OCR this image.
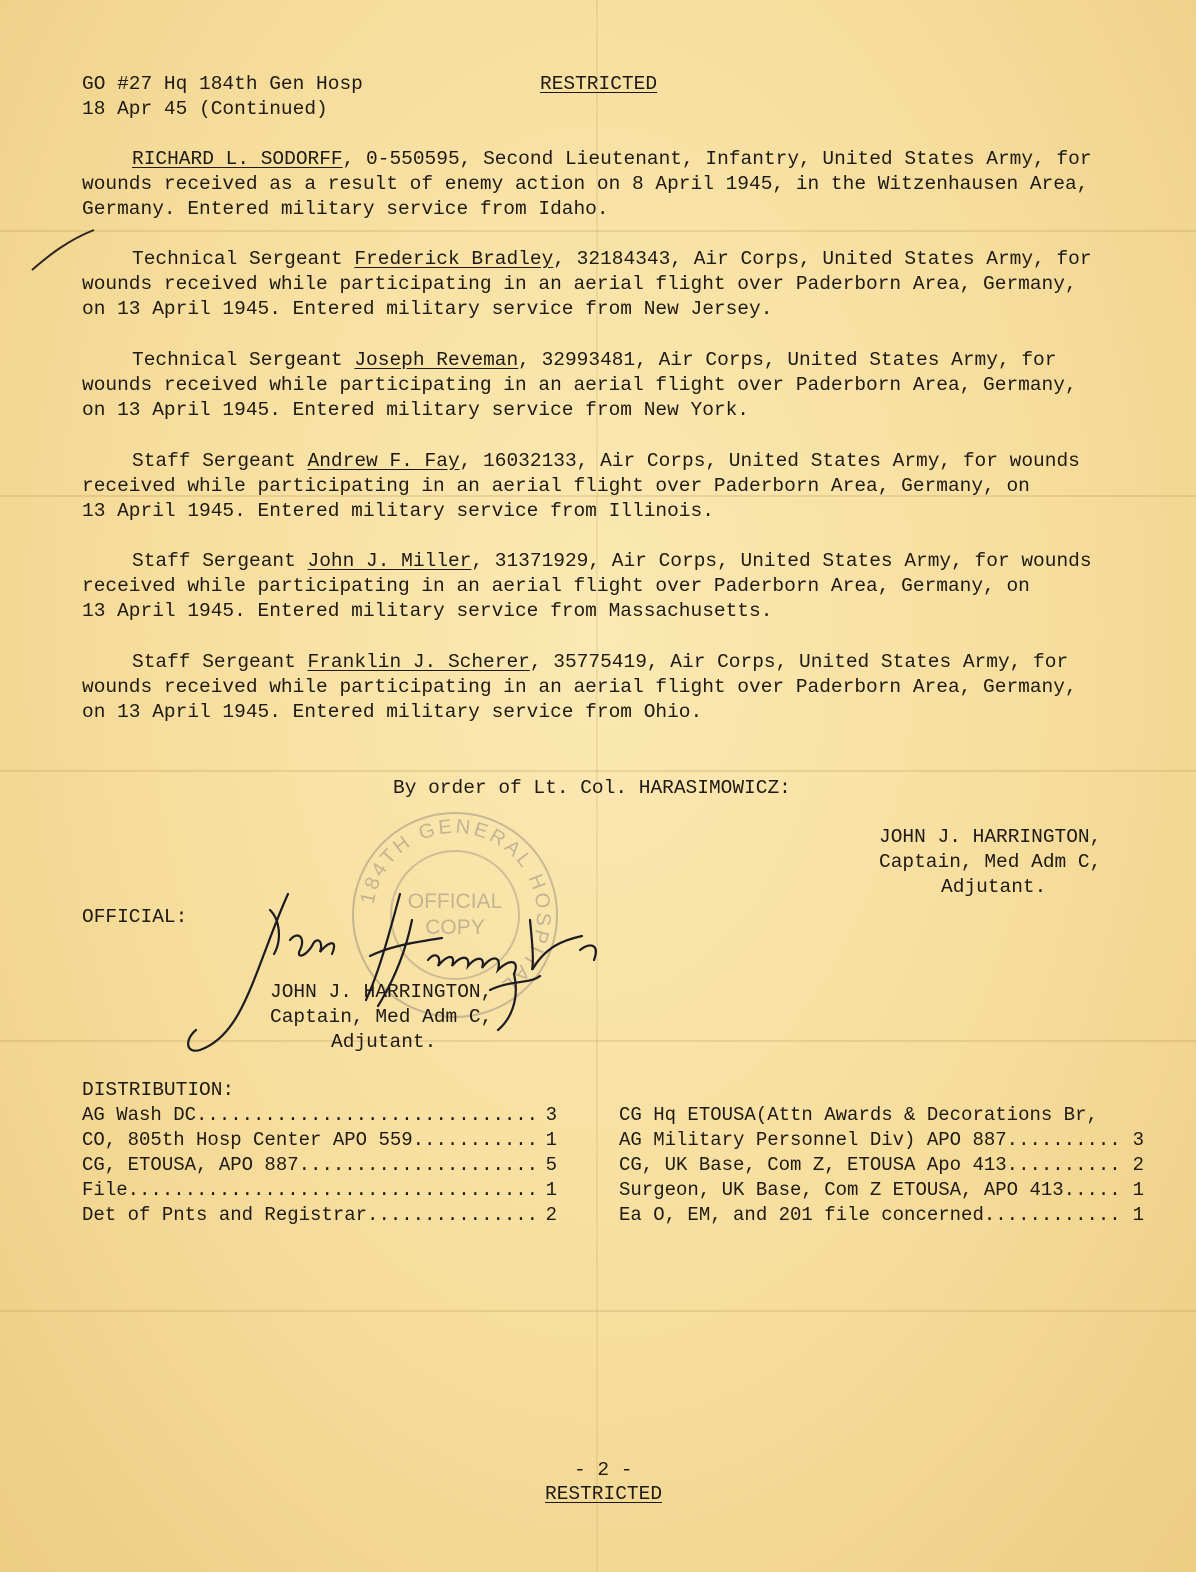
GO #27 Hq 184th Gen Hosp
18 Apr 45 (Continued)
RESTRICTED
RICHARD L. SODORFF, 0-550595, Second Lieutenant, Infantry, United States Army, for
wounds received as a result of enemy action on 8 April 1945, in the Witzenhausen Area,
Germany. Entered military service from Idaho.
Technical Sergeant Frederick Bradley, 32184343, Air Corps, United States Army, for
wounds received while participating in an aerial flight over Paderborn Area, Germany,
on 13 April 1945. Entered military service from New Jersey.
Technical Sergeant Joseph Reveman, 32993481, Air Corps, United States Army, for
wounds received while participating in an aerial flight over Paderborn Area, Germany,
on 13 April 1945. Entered military service from New York.
Staff Sergeant Andrew F. Fay, 16032133, Air Corps, United States Army, for wounds
received while participating in an aerial flight over Paderborn Area, Germany, on
13 April 1945. Entered military service from Illinois.
Staff Sergeant John J. Miller, 31371929, Air Corps, United States Army, for wounds
received while participating in an aerial flight over Paderborn Area, Germany, on
13 April 1945. Entered military service from Massachusetts.
Staff Sergeant Franklin J. Scherer, 35775419, Air Corps, United States Army, for
wounds received while participating in an aerial flight over Paderborn Area, Germany,
on 13 April 1945. Entered military service from Ohio.
By order of Lt. Col. HARASIMOWICZ:
JOHN J. HARRINGTON,
Captain, Med Adm C,
Adjutant.
184TH GENERAL HOSPITAL
OFFICIAL
COPY
OFFICIAL:
JOHN J. HARRINGTON,
Captain, Med Adm C,
Adjutant.
DISTRIBUTION:
AG Wash DC.............................. 3
CO, 805th Hosp Center APO 559........... 1
CG, ETOUSA, APO 887..................... 5
File.................................... 1
Det of Pnts and Registrar............... 2
CG Hq ETOUSA(Attn Awards & Decorations Br,
AG Military Personnel Div) APO 887.......... 3
CG, UK Base, Com Z, ETOUSA Apo 413.......... 2
Surgeon, UK Base, Com Z ETOUSA, APO 413..... 1
Ea O, EM, and 201 file concerned............ 1
- 2 -
RESTRICTED
